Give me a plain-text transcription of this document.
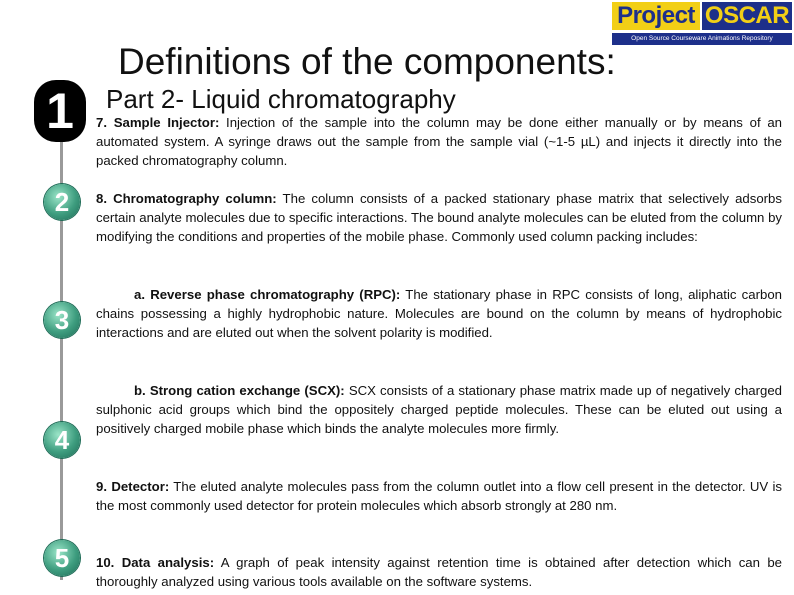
Project OSCAR
Open Source Courseware Animations Repository
Definitions of the components:
Part 2- Liquid chromatography
1
2
3
4
5
7. Sample Injector: Injection of the sample into the column may be done either manually or by means of an automated system. A syringe draws out the sample from the sample vial (~1-5 µL) and injects it directly into the packed chromatography column.
8. Chromatography column: The column consists of a packed stationary phase matrix that selectively adsorbs certain analyte molecules due to specific interactions. The bound analyte molecules can be eluted from the column by modifying the conditions and properties of the mobile phase. Commonly used column packing includes:
a. Reverse phase chromatography (RPC): The stationary phase in RPC consists of long, aliphatic carbon chains possessing a highly hydrophobic nature. Molecules are bound on the column by means of hydrophobic interactions and are eluted out when the solvent polarity is modified.
b. Strong cation exchange (SCX): SCX consists of a stationary phase matrix made up of negatively charged sulphonic acid groups which bind the oppositely charged peptide molecules. These can be eluted out using a positively charged mobile phase which binds the analyte molecules more firmly.
9. Detector: The eluted analyte molecules pass from the column outlet into a flow cell present in the detector. UV is the most commonly used detector for protein molecules which absorb strongly at 280 nm.
10. Data analysis: A graph of peak intensity against retention time is obtained after detection which can be thoroughly analyzed using various tools available on the software systems.
